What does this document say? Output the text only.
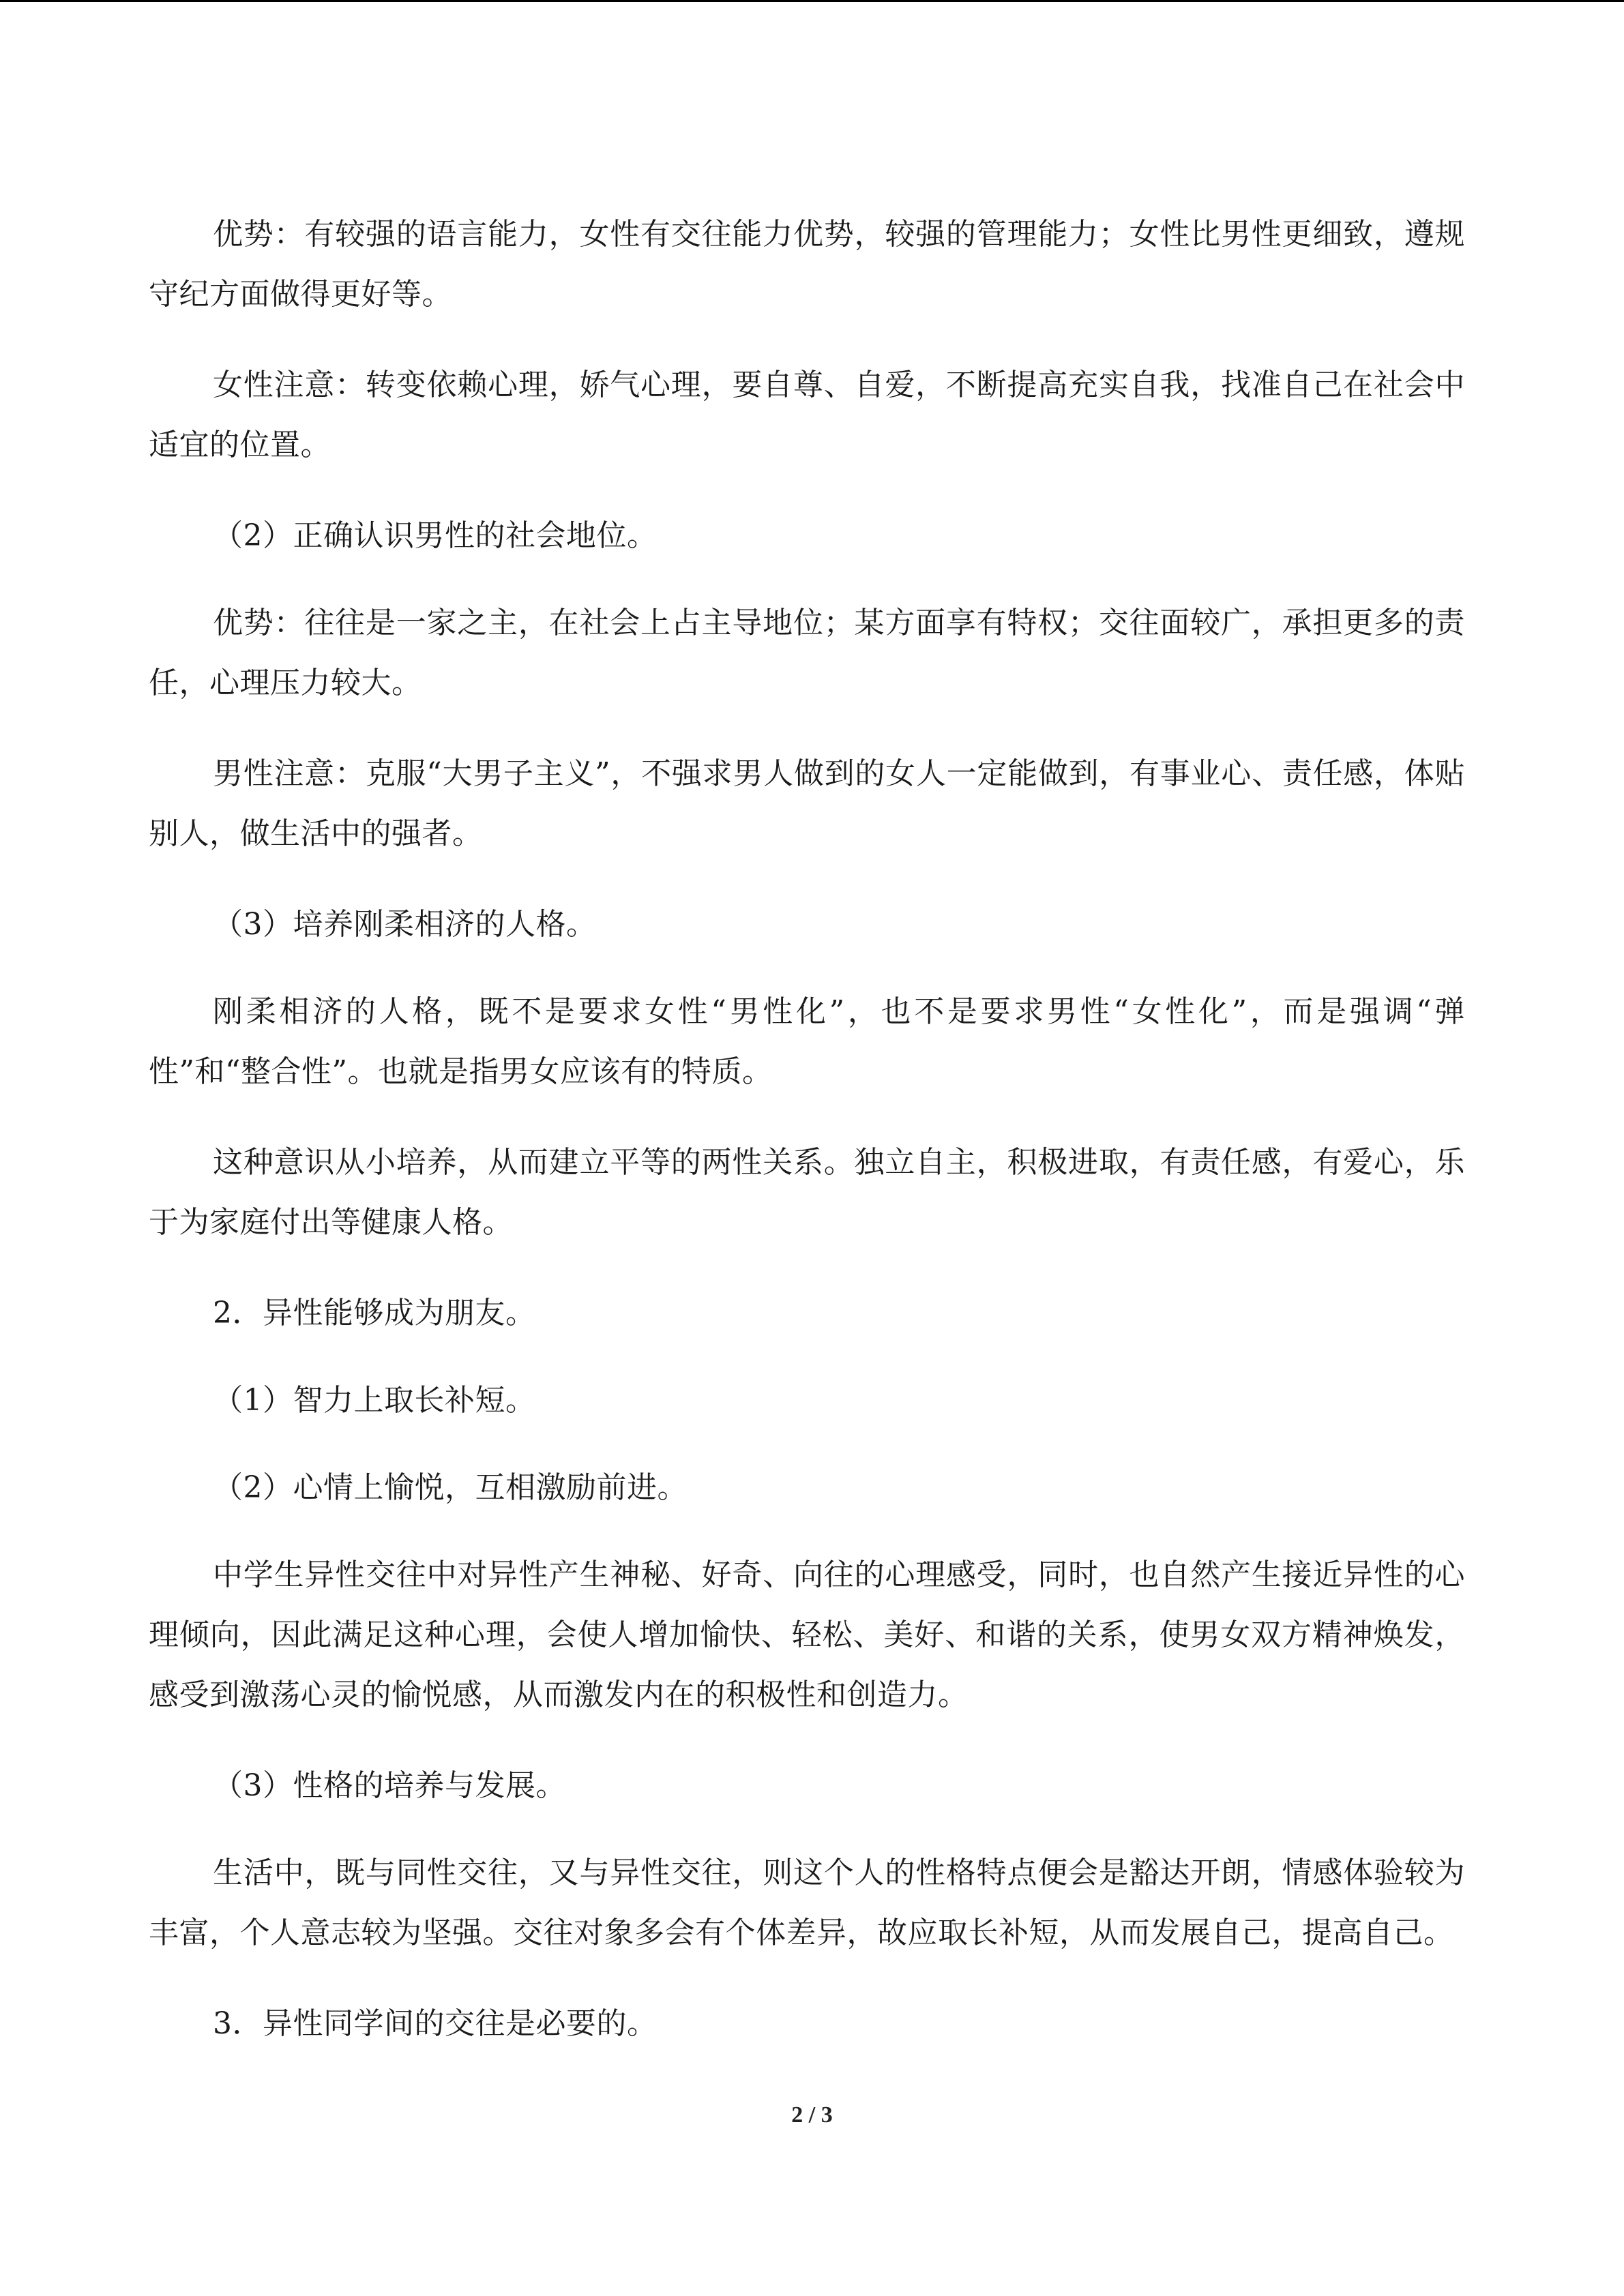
优势：有较强的语言能力，女性有交往能力优势，较强的管理能力；女性比男性更细致，遵规守纪方面做得更好等。

女性注意：转变依赖心理，娇气心理，要自尊、自爱，不断提高充实自我，找准自己在社会中适宜的位置。

（2）正确认识男性的社会地位。

优势：往往是一家之主，在社会上占主导地位；某方面享有特权；交往面较广，承担更多的责任，心理压力较大。

男性注意：克服“大男子主义”，不强求男人做到的女人一定能做到，有事业心、责任感，体贴别人，做生活中的强者。

（3）培养刚柔相济的人格。

刚柔相济的人格，既不是要求女性“男性化”，也不是要求男性“女性化”，而是强调“弹性”和“整合性”。也就是指男女应该有的特质。

这种意识从小培养，从而建立平等的两性关系。独立自主，积极进取，有责任感，有爱心，乐于为家庭付出等健康人格。

2．异性能够成为朋友。

（1）智力上取长补短。

（2）心情上愉悦，互相激励前进。

中学生异性交往中对异性产生神秘、好奇、向往的心理感受，同时，也自然产生接近异性的心理倾向，因此满足这种心理，会使人增加愉快、轻松、美好、和谐的关系，使男女双方精神焕发，感受到激荡心灵的愉悦感，从而激发内在的积极性和创造力。

（3）性格的培养与发展。

生活中，既与同性交往，又与异性交往，则这个人的性格特点便会是豁达开朗，情感体验较为丰富，个人意志较为坚强。交往对象多会有个体差异，故应取长补短，从而发展自己，提高自己。

3．异性同学间的交往是必要的。

2 / 3
